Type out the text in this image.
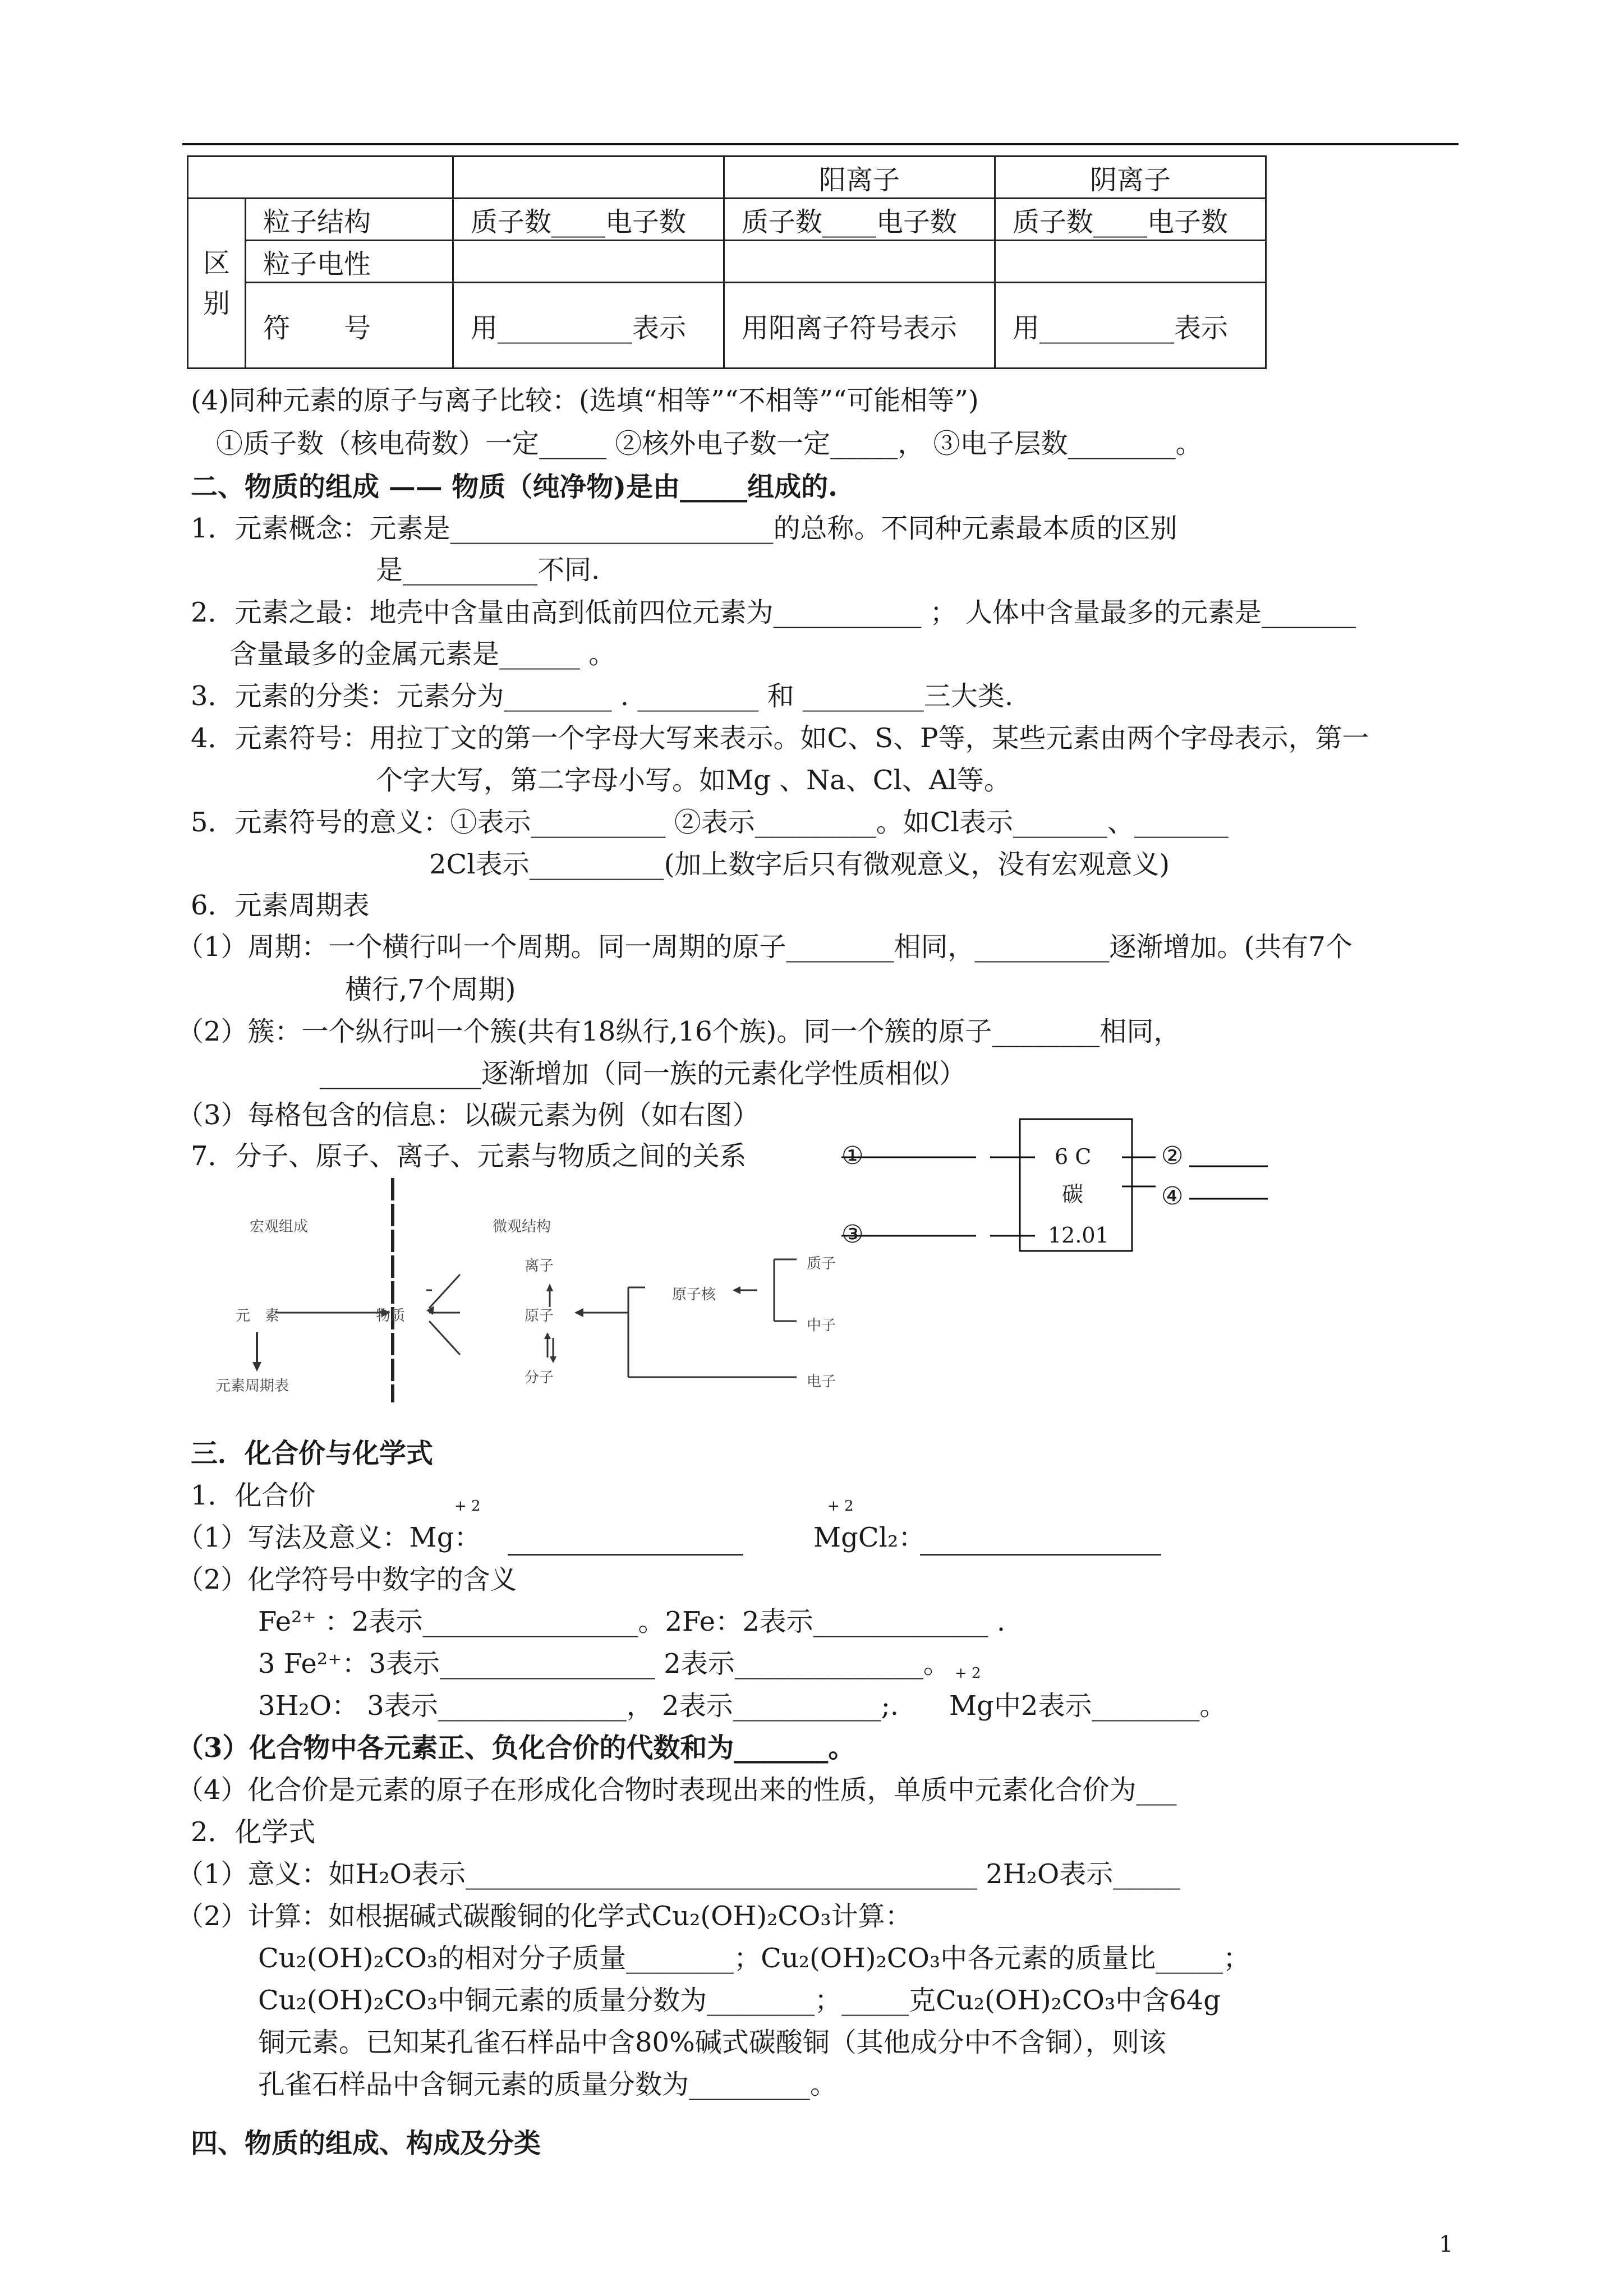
			阳离子	阴离子
区
别	粒子结构	质子数____电子数	质子数____电子数	质子数____电子数
	粒子电性			
	符　　号	用__________表示	用阳离子符号表示	用__________表示
(4)同种元素的原子与离子比较：(选填“相等”“不相等”“可能相等”)
①质子数（核电荷数）一定_____ ②核外电子数一定_____， ③电子层数________。
二、物质的组成 —— 物质（纯净物)是由_____组成的.
1．元素概念：元素是________________________的总称。不同种元素最本质的区别
是__________不同.
2．元素之最：地壳中含量由高到低前四位元素为___________ ； 人体中含量最多的元素是_______
含量最多的金属元素是______ 。
3．元素的分类：元素分为________ . _________ 和 _________三大类.
4．元素符号：用拉丁文的第一个字母大写来表示。如C、S、P等，某些元素由两个字母表示，第一
个字大写，第二字母小写。如Mg 、Na、Cl、Al等。
5．元素符号的意义：①表示__________ ②表示_________。如Cl表示_______、_______
2Cl表示__________(加上数字后只有微观意义，没有宏观意义)
6．元素周期表
（1）周期：一个横行叫一个周期。同一周期的原子________相同，__________逐渐增加。(共有7个
横行,7个周期)
（2）簇：一个纵行叫一个簇(共有18纵行,16个族)。同一个簇的原子________相同，
____________逐渐增加（同一族的元素化学性质相似）
（3）每格包含的信息：以碳元素为例（如右图）
7．分子、原子、离子、元素与物质之间的关系	①	②
③
④
6 C
碳
12.01
宏观组成	微观结构
元　素	物质
元素周期表
离子
原子
分子
原子核
质子
中子
电子
三．化合价与化学式
1．化合价	+ 2
（1）写法及意义：Mg：
+ 2
MgCl₂：
（2）化学符号中数字的含义
Fe²⁺ ：2表示________________。2Fe：2表示_____________ .
3 Fe²⁺：3表示________________ 2表示______________。
3H₂O： 3表示______________， 2表示___________;.
+ 2
Mg中2表示________。
（3）化合物中各元素正、负化合价的代数和为_______。
（4）化合价是元素的原子在形成化合物时表现出来的性质，单质中元素化合价为___
2．化学式
（1）意义：如H₂O表示______________________________________ 2H₂O表示_____
（2）计算：如根据碱式碳酸铜的化学式Cu₂(OH)₂CO₃计算：
Cu₂(OH)₂CO₃的相对分子质量________；Cu₂(OH)₂CO₃中各元素的质量比_____；
Cu₂(OH)₂CO₃中铜元素的质量分数为________；_____克Cu₂(OH)₂CO₃中含64g
铜元素。已知某孔雀石样品中含80%碱式碳酸铜（其他成分中不含铜），则该
孔雀石样品中含铜元素的质量分数为_________。
四、物质的组成、构成及分类
1
